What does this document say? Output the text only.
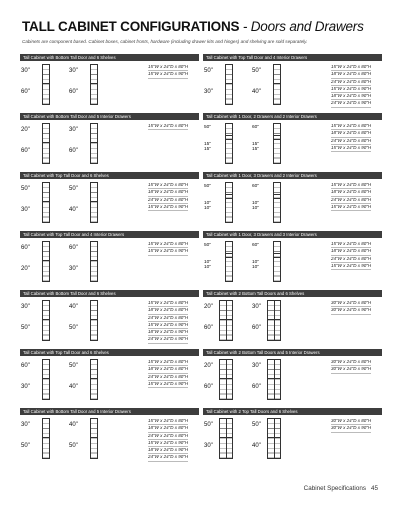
TALL CABINET CONFIGURATIONS - Doors and Drawers
Cabinets are component based. Cabinet boxes, cabinet fronts, hardware (including drawer kits and hinges) and shelving are sold separately.
Tall Cabinet with Bottom Tall Door and 6 Shelves
30"
60"
30"
60"
15"W x 24"D x 80"H
15"W x 24"D x 90"H
Tall Cabinet with Top Tall Door and 4 Interior Drawers
50"
30"
50"
40"
15"W x 24"D x 80"H
18"W x 24"D x 80"H
24"W x 24"D x 80"H
15"W x 24"D x 90"H
18"W x 24"D x 90"H
24"W x 24"D x 90"H
Tall Cabinet with Bottom Tall Door and 5 Interior Drawers
20"
60"
30"
60"
15"W x 24"D x 80"H
Tall Cabinet with 1 Door, 2 Drawers and 2 Interior Drawers
50"
15"
15"
60"
15"
15"
15"W x 24"D x 80"H
18"W x 24"D x 80"H
24"W x 24"D x 80"H
15"W x 24"D x 90"H
Tall Cabinet with Top Tall Door and 6 Shelves
50"
30"
50"
40"
15"W x 24"D x 80"H
18"W x 24"D x 80"H
24"W x 24"D x 80"H
15"W x 24"D x 90"H
Tall Cabinet with 1 Door, 3 Drawers and 2 Interior Drawers
50"
10"
10"
60"
10"
10"
15"W x 24"D x 80"H
18"W x 24"D x 80"H
24"W x 24"D x 80"H
15"W x 24"D x 90"H
Tall Cabinet with Top Tall Door and 4 Interior Drawers
60"
20"
60"
30"
15"W x 24"D x 80"H
15"W x 24"D x 90"H
Tall Cabinet with 1 Door, 3 Drawers and 3 Interior Drawers
50"
10"
10"
60"
10"
10"
15"W x 24"D x 80"H
18"W x 24"D x 80"H
24"W x 24"D x 80"H
15"W x 24"D x 90"H
Tall Cabinet with Bottom Tall Door and 6 Shelves
30"
50"
40"
50"
15"W x 24"D x 80"H
18"W x 24"D x 80"H
24"W x 24"D x 80"H
15"W x 24"D x 90"H
18"W x 24"D x 90"H
24"W x 24"D x 90"H
Tall Cabinet with 2 Bottom Tall Doors and 6 Shelves
20"
60"
30"
60"
30"W x 24"D x 80"H
30"W x 24"D x 90"H
Tall Cabinet with Top Tall Door and 6 Shelves
60"
30"
50"
40"
15"W x 24"D x 80"H
18"W x 24"D x 80"H
24"W x 24"D x 80"H
15"W x 24"D x 90"H
Tall Cabinet with 2 Bottom Tall Doors and 5 Interior Drawers
20"
60"
30"
60"
30"W x 24"D x 80"H
30"W x 24"D x 90"H
Tall Cabinet with Bottom Tall Door and 5 Interior Drawers
30"
50"
40"
50"
15"W x 24"D x 80"H
18"W x 24"D x 80"H
24"W x 24"D x 80"H
15"W x 24"D x 90"H
18"W x 24"D x 90"H
24"W x 24"D x 90"H
Tall Cabinet with 2 Top Tall Doors and 6 Shelves
50"
30"
50"
40"
30"W x 24"D x 80"H
30"W x 24"D x 90"H
Cabinet Specifications 45
